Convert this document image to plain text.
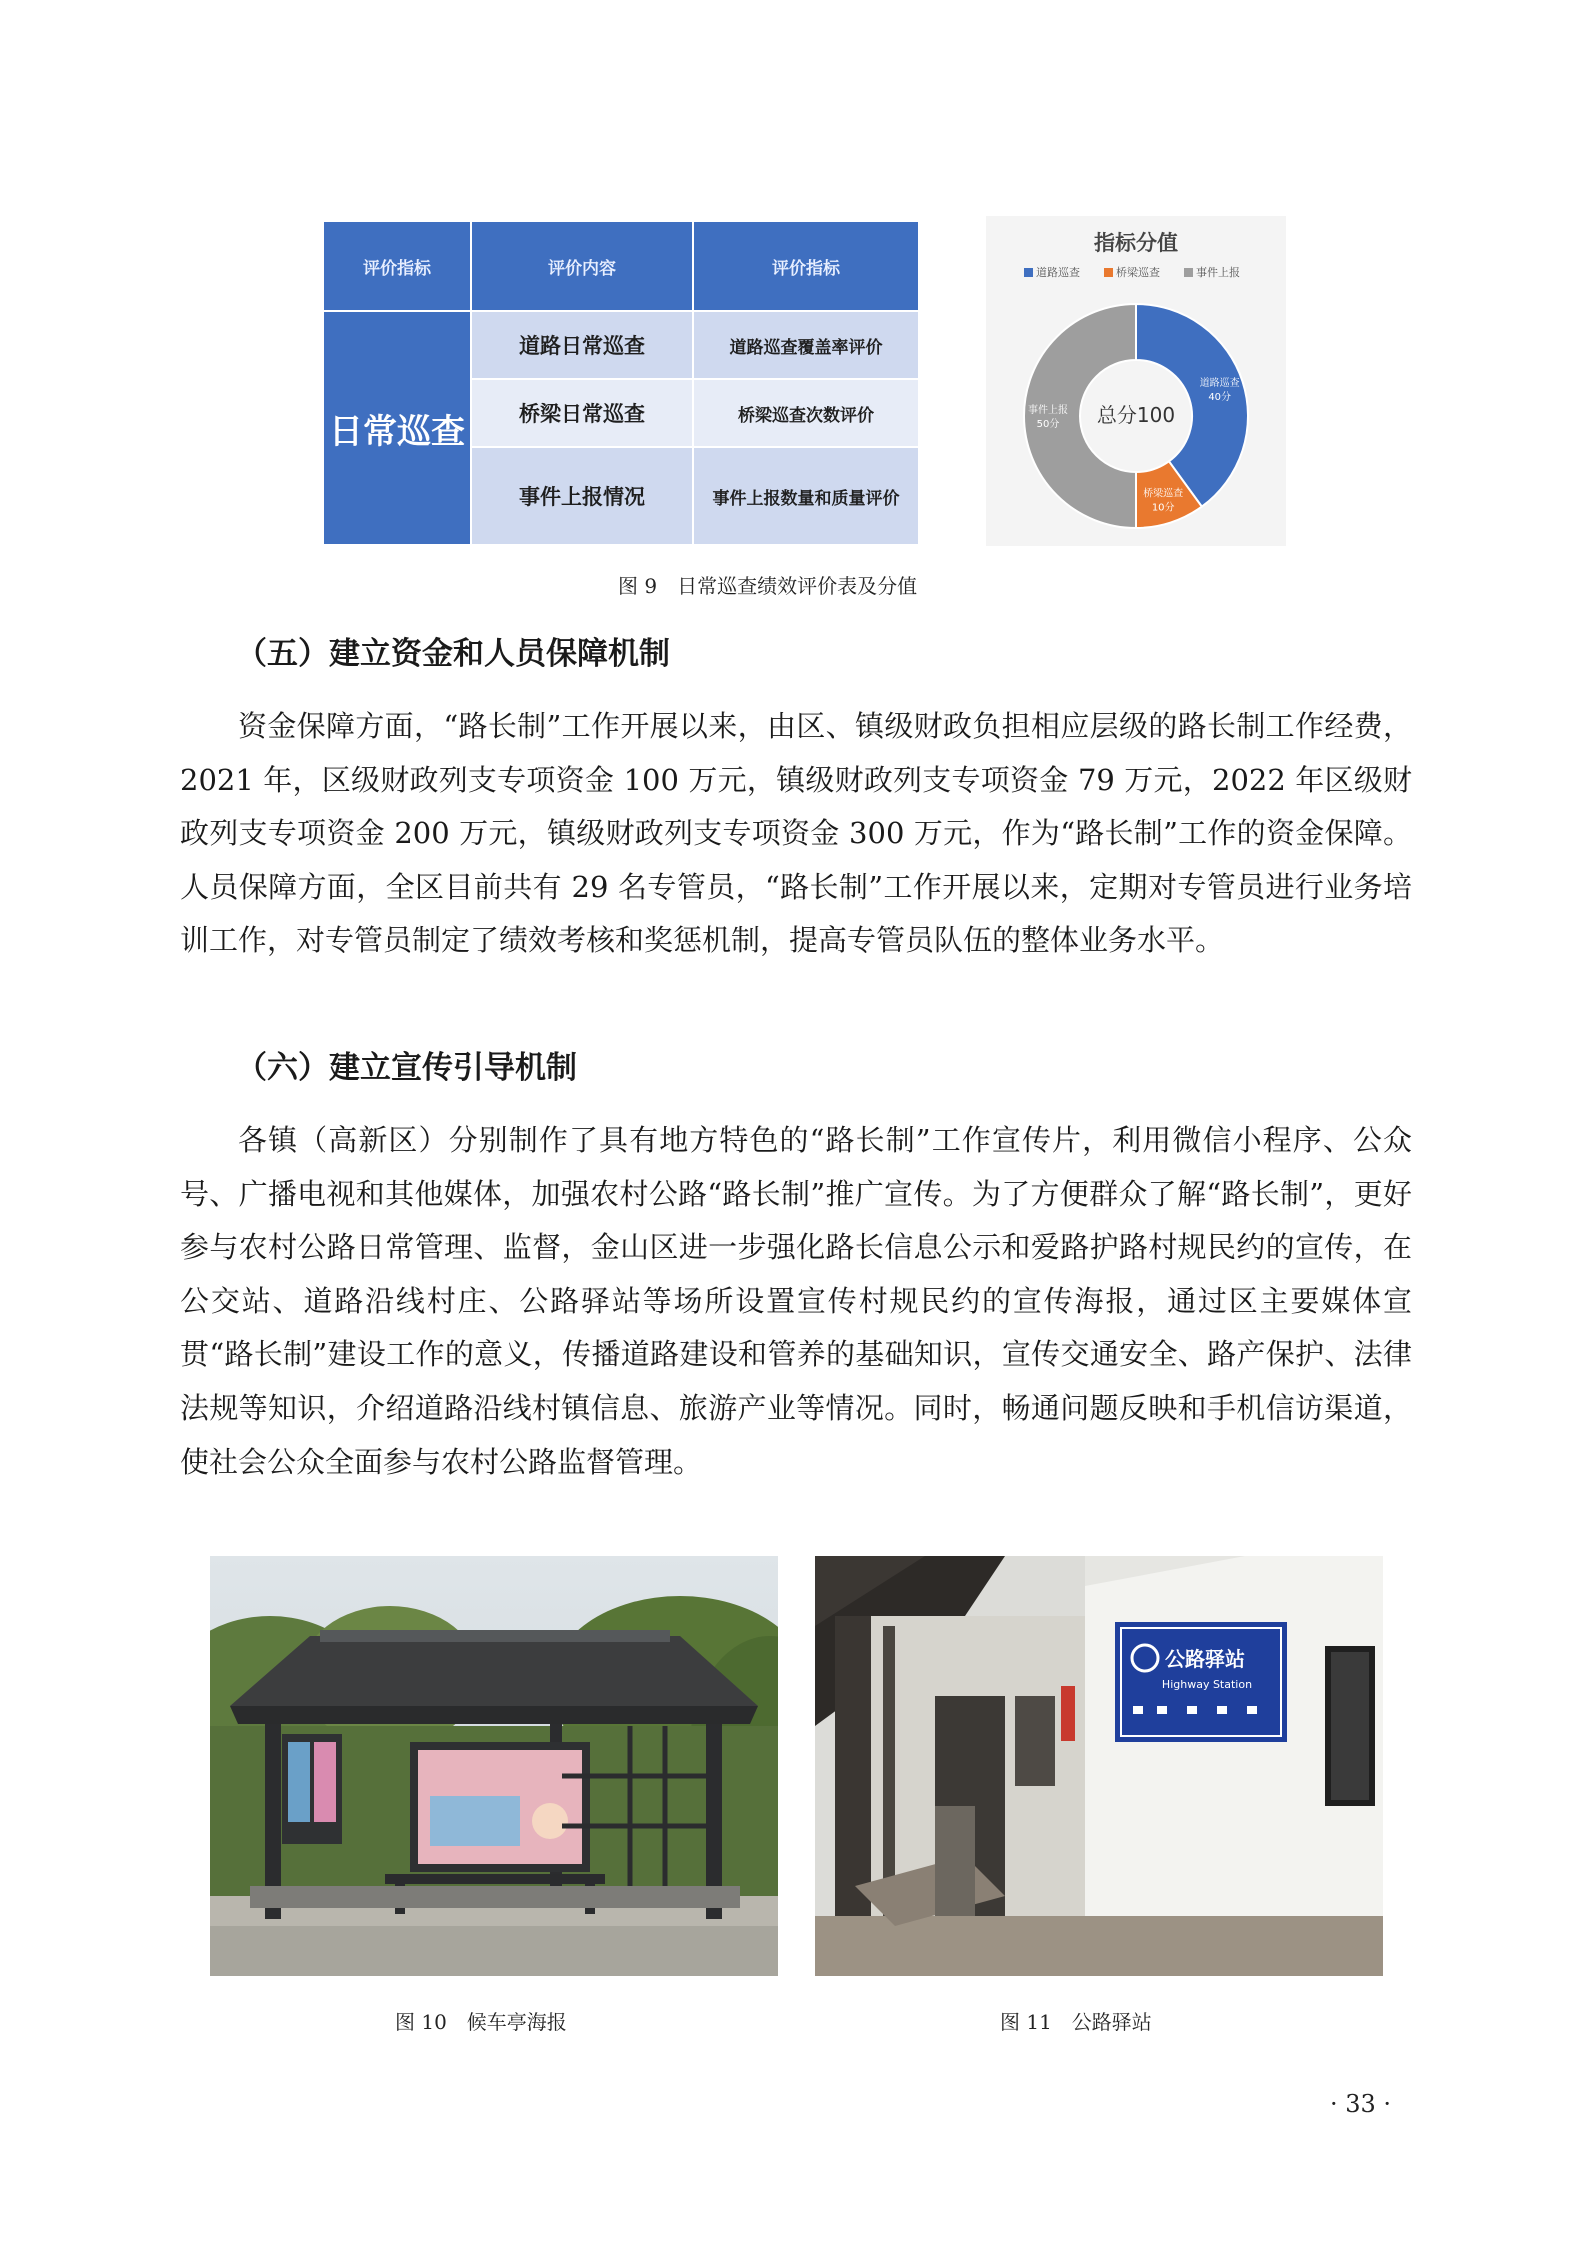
评价指标	评价内容	评价指标
日常巡查	道路日常巡查	道路巡查覆盖率评价
	桥梁日常巡查	桥梁巡查次数评价
	事件上报情况	事件上报数量和质量评价
指标分值
道路巡查	桥梁巡查	事件上报
道路巡查
40分
桥梁巡查
10分
事件上报
50分 总分100
图 9　日常巡查绩效评价表及分值
（五）建立资金和人员保障机制

资金保障方面，“路长制”工作开展以来，由区、镇级财政负担相应层级的路长制工作经费，2021 年，区级财政列支专项资金 100 万元，镇级财政列支专项资金 79 万元，2022 年区级财政列支专项资金 200 万元，镇级财政列支专项资金 300 万元，作为“路长制”工作的资金保障。人员保障方面，全区目前共有 29 名专管员，“路长制”工作开展以来，定期对专管员进行业务培训工作，对专管员制定了绩效考核和奖惩机制，提高专管员队伍的整体业务水平。

（六）建立宣传引导机制

各镇（高新区）分别制作了具有地方特色的“路长制”工作宣传片，利用微信小程序、公众号、广播电视和其他媒体，加强农村公路“路长制”推广宣传。为了方便群众了解“路长制”，更好参与农村公路日常管理、监督，金山区进一步强化路长信息公示和爱路护路村规民约的宣传，在公交站、道路沿线村庄、公路驿站等场所设置宣传村规民约的宣传海报，通过区主要媒体宣贯“路长制”建设工作的意义，传播道路建设和管养的基础知识，宣传交通安全、路产保护、法律法规等知识，介绍道路沿线村镇信息、旅游产业等情况。同时，畅通问题反映和手机信访渠道，使社会公众全面参与农村公路监督管理。

图 10　候车亭海报
公路驿站
Highway Station
图 11　公路驿站
· 33 ·
